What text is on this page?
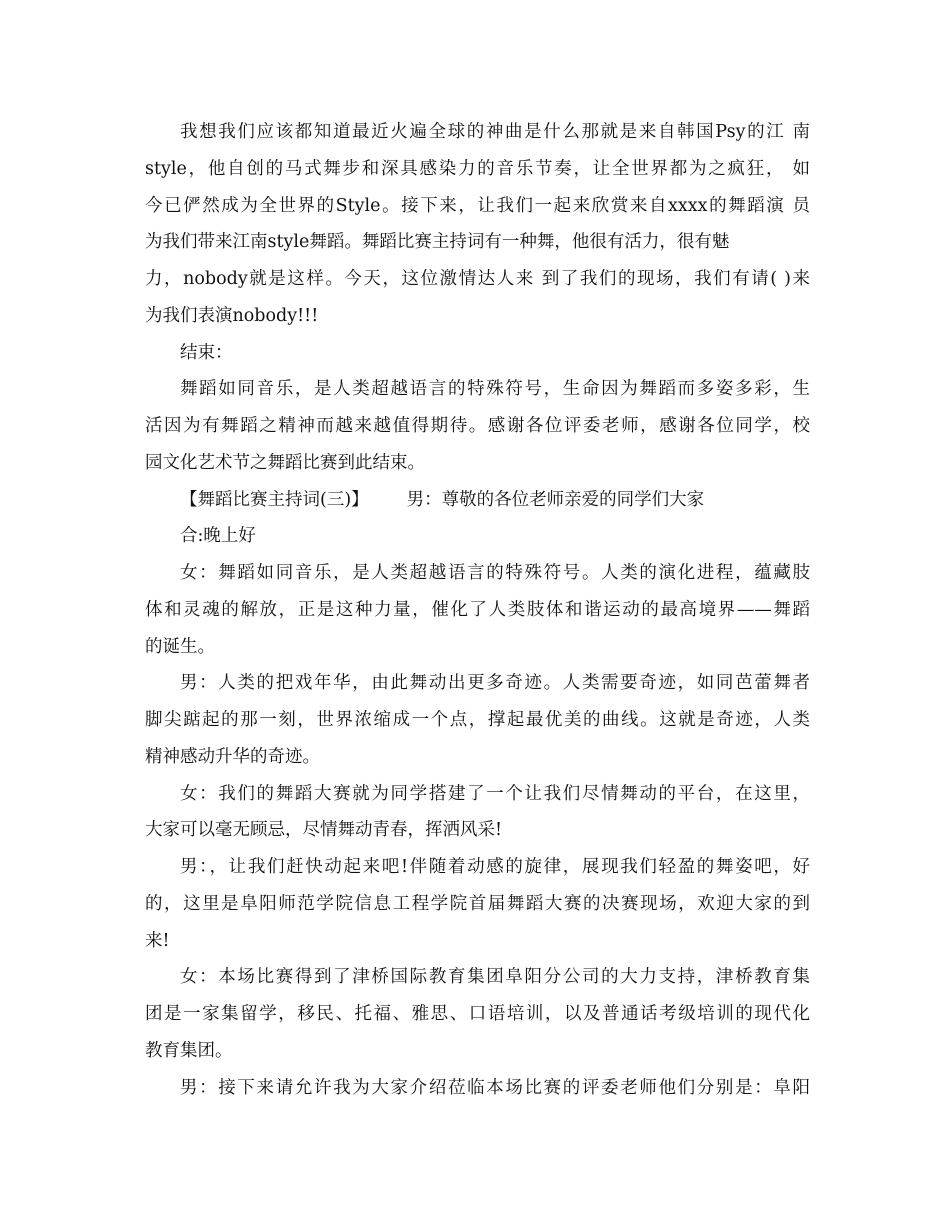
我想我们应该都知道最近火遍全球的神曲是什么那就是来自韩国Psy的江 南
style，他自创的马式舞步和深具感染力的音乐节奏，让全世界都为之疯狂， 如
今已俨然成为全世界的Style。接下来，让我们一起来欣赏来自xxxx的舞蹈演 员
为我们带来江南style舞蹈。舞蹈比赛主持词有一种舞，他很有活力，很有魅
力，nobody就是这样。今天，这位激情达人来 到了我们的现场，我们有请( )来
为我们表演nobody!!!
结束：
舞蹈如同音乐，是人类超越语言的特殊符号，生命因为舞蹈而多姿多彩，生
活因为有舞蹈之精神而越来越值得期待。感谢各位评委老师，感谢各位同学，校
园文化艺术节之舞蹈比赛到此结束。
【舞蹈比赛主持词(三)】 男：尊敬的各位老师亲爱的同学们大家
合:晚上好
女：舞蹈如同音乐，是人类超越语言的特殊符号。人类的演化进程，蕴藏肢
体和灵魂的解放，正是这种力量，催化了人类肢体和谐运动的最高境界——舞蹈
的诞生。
男：人类的把戏年华，由此舞动出更多奇迹。人类需要奇迹，如同芭蕾舞者
脚尖踮起的那一刻，世界浓缩成一个点，撑起最优美的曲线。这就是奇迹，人类
精神感动升华的奇迹。
女：我们的舞蹈大赛就为同学搭建了一个让我们尽情舞动的平台，在这里，
大家可以毫无顾忌，尽情舞动青春，挥洒风采!
男：，让我们赶快动起来吧!伴随着动感的旋律，展现我们轻盈的舞姿吧，好
的，这里是阜阳师范学院信息工程学院首届舞蹈大赛的决赛现场，欢迎大家的到
来!
女：本场比赛得到了津桥国际教育集团阜阳分公司的大力支持，津桥教育集
团是一家集留学，移民、托福、雅思、口语培训，以及普通话考级培训的现代化
教育集团。
男：接下来请允许我为大家介绍莅临本场比赛的评委老师他们分别是：阜阳
